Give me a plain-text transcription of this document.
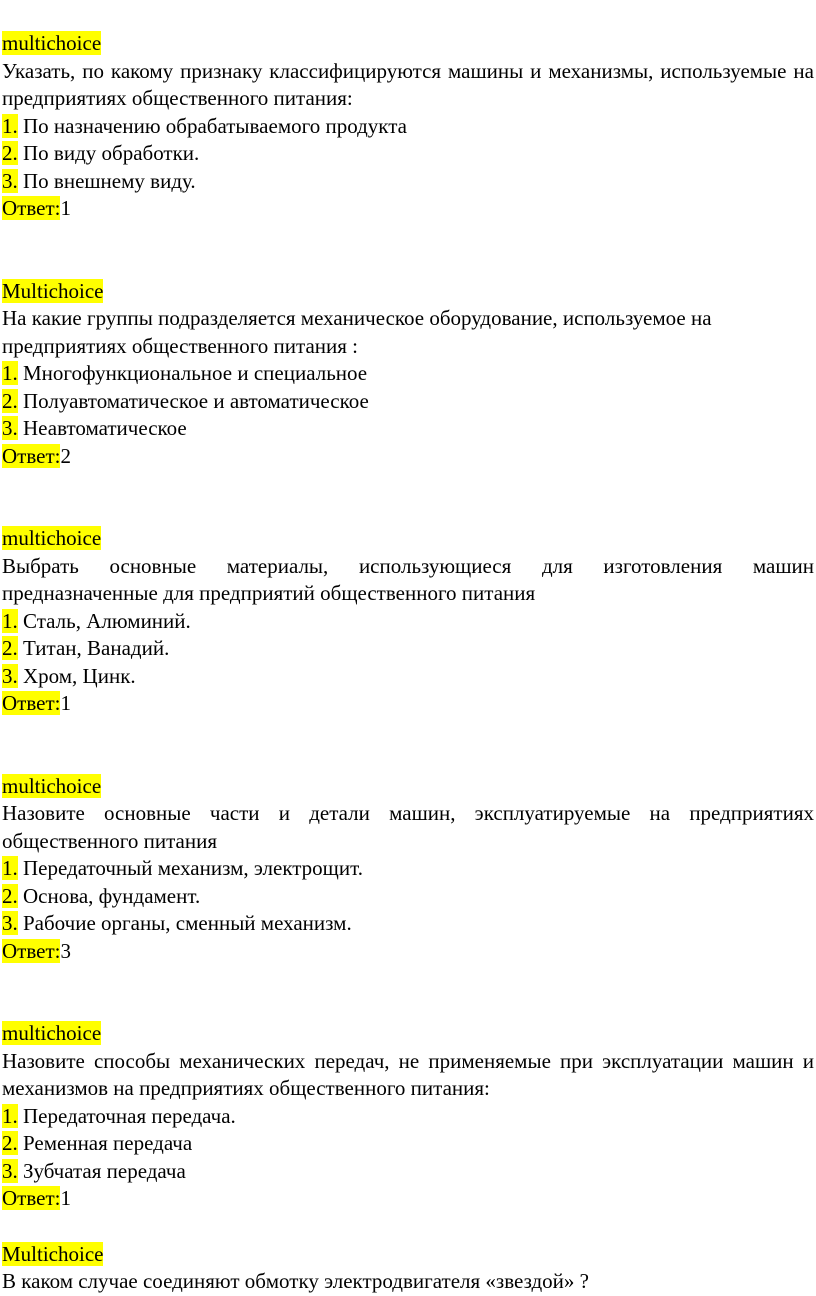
multichoice
Указать, по какому признаку классифицируются машины и механизмы, используемые на предприятиях общественного питания:
1. По назначению обрабатываемого продукта
2. По виду обработки.
3. По внешнему виду.
Ответ:1
Multichoice
На какие группы подразделяется механическое оборудование, используемое на предприятиях общественного питания :
1. Многофункциональное и специальное
2. Полуавтоматическое и автоматическое
3. Неавтоматическое
Ответ:2
multichoice
Выбрать основные материалы, использующиеся для изготовления машин предназначенные для предприятий общественного питания
1. Сталь, Алюминий.
2. Титан, Ванадий.
3. Хром, Цинк.
Ответ:1
multichoice
Назовите основные части и детали машин, эксплуатируемые на предприятиях общественного питания
1. Передаточный механизм, электрощит.
2. Основа, фундамент.
3. Рабочие органы, сменный механизм.
Ответ:3
multichoice
Назовите способы механических передач, не применяемые при эксплуатации машин и механизмов на предприятиях общественного питания:
1. Передаточная передача.
2. Ременная передача
3. Зубчатая передача
Ответ:1
Multichoice
В каком случае соединяют обмотку электродвигателя «звездой» ?
